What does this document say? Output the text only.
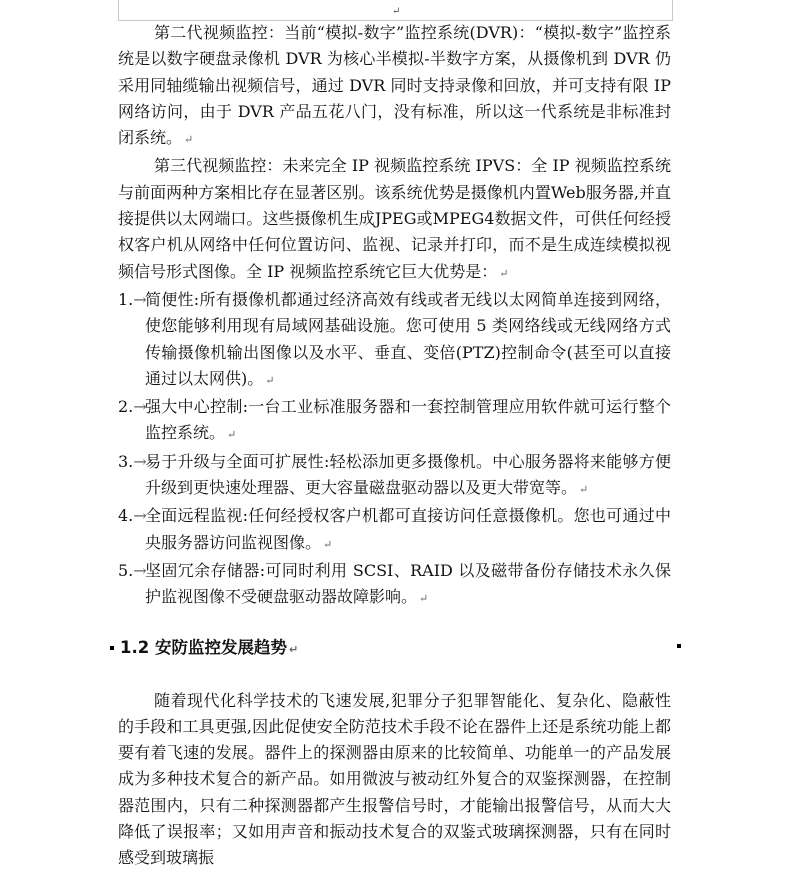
↵

第二代视频监控：当前“模拟-数字”监控系统(DVR)：“模拟-数字”监控系统是以数字硬盘录像机 DVR 为核心半模拟-半数字方案，从摄像机到 DVR 仍采用同轴缆输出视频信号，通过 DVR 同时支持录像和回放，并可支持有限 IP 网络访问，由于 DVR 产品五花八门，没有标准，所以这一代系统是非标准封闭系统。 ↵

第三代视频监控：未来完全 IP 视频监控系统 IPVS：全 IP 视频监控系统与前面两种方案相比存在显著区别。该系统优势是摄像机内置Web服务器,并直接提供以太网端口。这些摄像机生成JPEG或MPEG4数据文件，可供任何经授权客户机从网络中任何位置访问、监视、记录并打印，而不是生成连续模拟视频信号形式图像。全 IP 视频监控系统它巨大优势是： ↵

1.→
简便性:所有摄像机都通过经济高效有线或者无线以太网简单连接到网络，使您能够利用现有局域网基础设施。您可使用 5 类网络线或无线网络方式传输摄像机输出图像以及水平、垂直、变倍(PTZ)控制命令(甚至可以直接通过以太网供)。 ↵
2.→
强大中心控制:一台工业标准服务器和一套控制管理应用软件就可运行整个监控系统。 ↵
3.→
易于升级与全面可扩展性:轻松添加更多摄像机。中心服务器将来能够方便升级到更快速处理器、更大容量磁盘驱动器以及更大带宽等。 ↵
4.→
全面远程监视:任何经授权客户机都可直接访问任意摄像机。您也可通过中央服务器访问监视图像。 ↵
5.→
坚固冗余存储器:可同时利用 SCSI、RAID 以及磁带备份存储技术永久保护监视图像不受硬盘驱动器故障影响。 ↵
1.2 安防监控发展趋势 ↵

随着现代化科学技术的飞速发展,犯罪分子犯罪智能化、复杂化、隐蔽性的手段和工具更强,因此促使安全防范技术手段不论在器件上还是系统功能上都要有着飞速的发展。器件上的探测器由原来的比较简单、功能单一的产品发展成为多种技术复合的新产品。如用微波与被动红外复合的双鉴探测器，在控制器范围内，只有二种探测器都产生报警信号时，才能输出报警信号，从而大大降低了误报率；又如用声音和振动技术复合的双鉴式玻璃探测器，只有在同时感受到玻璃振
